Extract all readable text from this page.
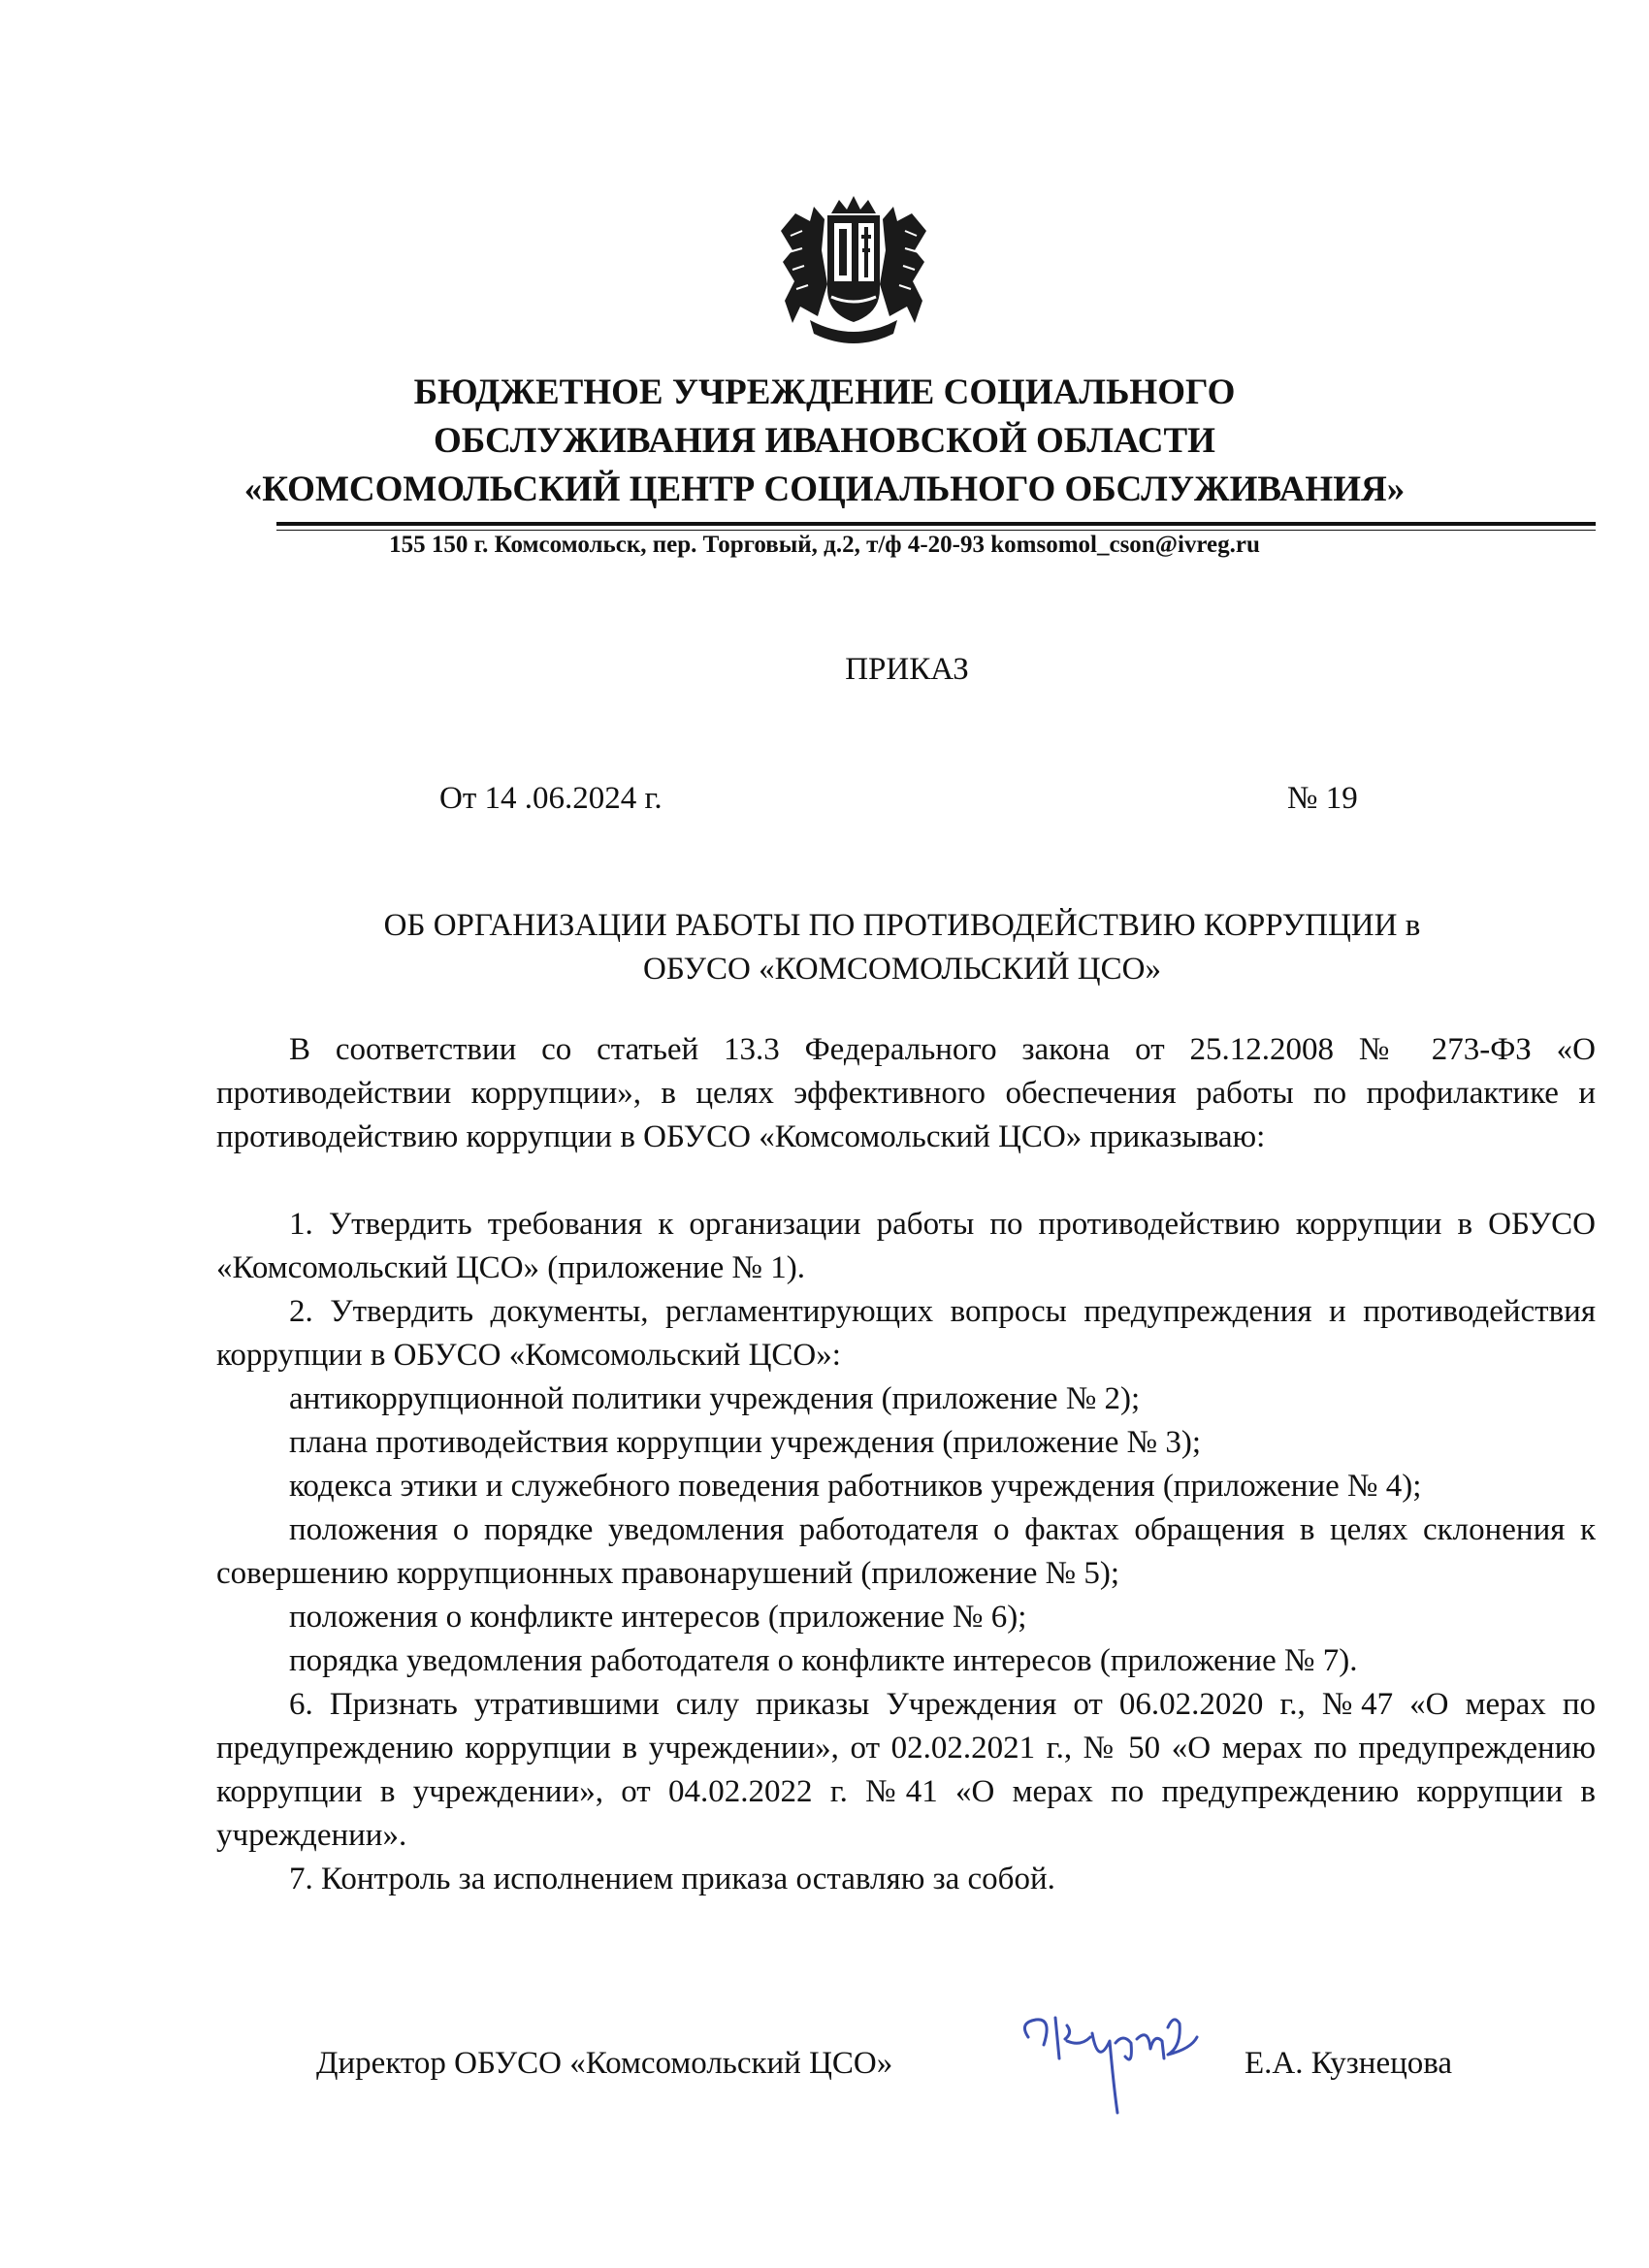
БЮДЖЕТНОЕ УЧРЕЖДЕНИЕ СОЦИАЛЬНОГО
ОБСЛУЖИВАНИЯ ИВАНОВСКОЙ ОБЛАСТИ
«КОМСОМОЛЬСКИЙ ЦЕНТР СОЦИАЛЬНОГО ОБСЛУЖИВАНИЯ»
155 150 г. Комсомольск, пер. Торговый, д.2, т/ф 4-20-93 komsomol_cson@ivreg.ru
ПРИКАЗ
От 14 .06.2024 г.	№ 19
ОБ ОРГАНИЗАЦИИ РАБОТЫ ПО ПРОТИВОДЕЙСТВИЮ КОРРУПЦИИ в
ОБУСО «КОМСОМОЛЬСКИЙ ЦСО»

В соответствии со статьей 13.3 Федерального закона от 25.12.2008 № 273-ФЗ «О противодействии коррупции», в целях эффективного обеспечения работы по профилактике и противодействию коррупции в ОБУСО «Комсомольский ЦСО» приказываю:

1. Утвердить требования к организации работы по противодействию коррупции в ОБУСО «Комсомольский ЦСО» (приложение № 1).

2. Утвердить документы, регламентирующих вопросы предупреждения и противодействия коррупции в ОБУСО «Комсомольский ЦСО»:

антикоррупционной политики учреждения (приложение № 2);

плана противодействия коррупции учреждения (приложение № 3);

кодекса этики и служебного поведения работников учреждения (приложение № 4);

положения о порядке уведомления работодателя о фактах обращения в целях склонения к совершению коррупционных правонарушений (приложение № 5);

положения о конфликте интересов (приложение № 6);

порядка уведомления работодателя о конфликте интересов (приложение № 7).

6. Признать утратившими силу приказы Учреждения от 06.02.2020 г., №47 «О мерах по предупреждению коррупции в учреждении», от 02.02.2021 г., № 50 «О мерах по предупреждению коррупции в учреждении», от 04.02.2022 г. №41 «О мерах по предупреждению коррупции в учреждении».

7. Контроль за исполнением приказа оставляю за собой.

Директор ОБУСО «Комсомольский ЦСО»	Е.А. Кузнецова
